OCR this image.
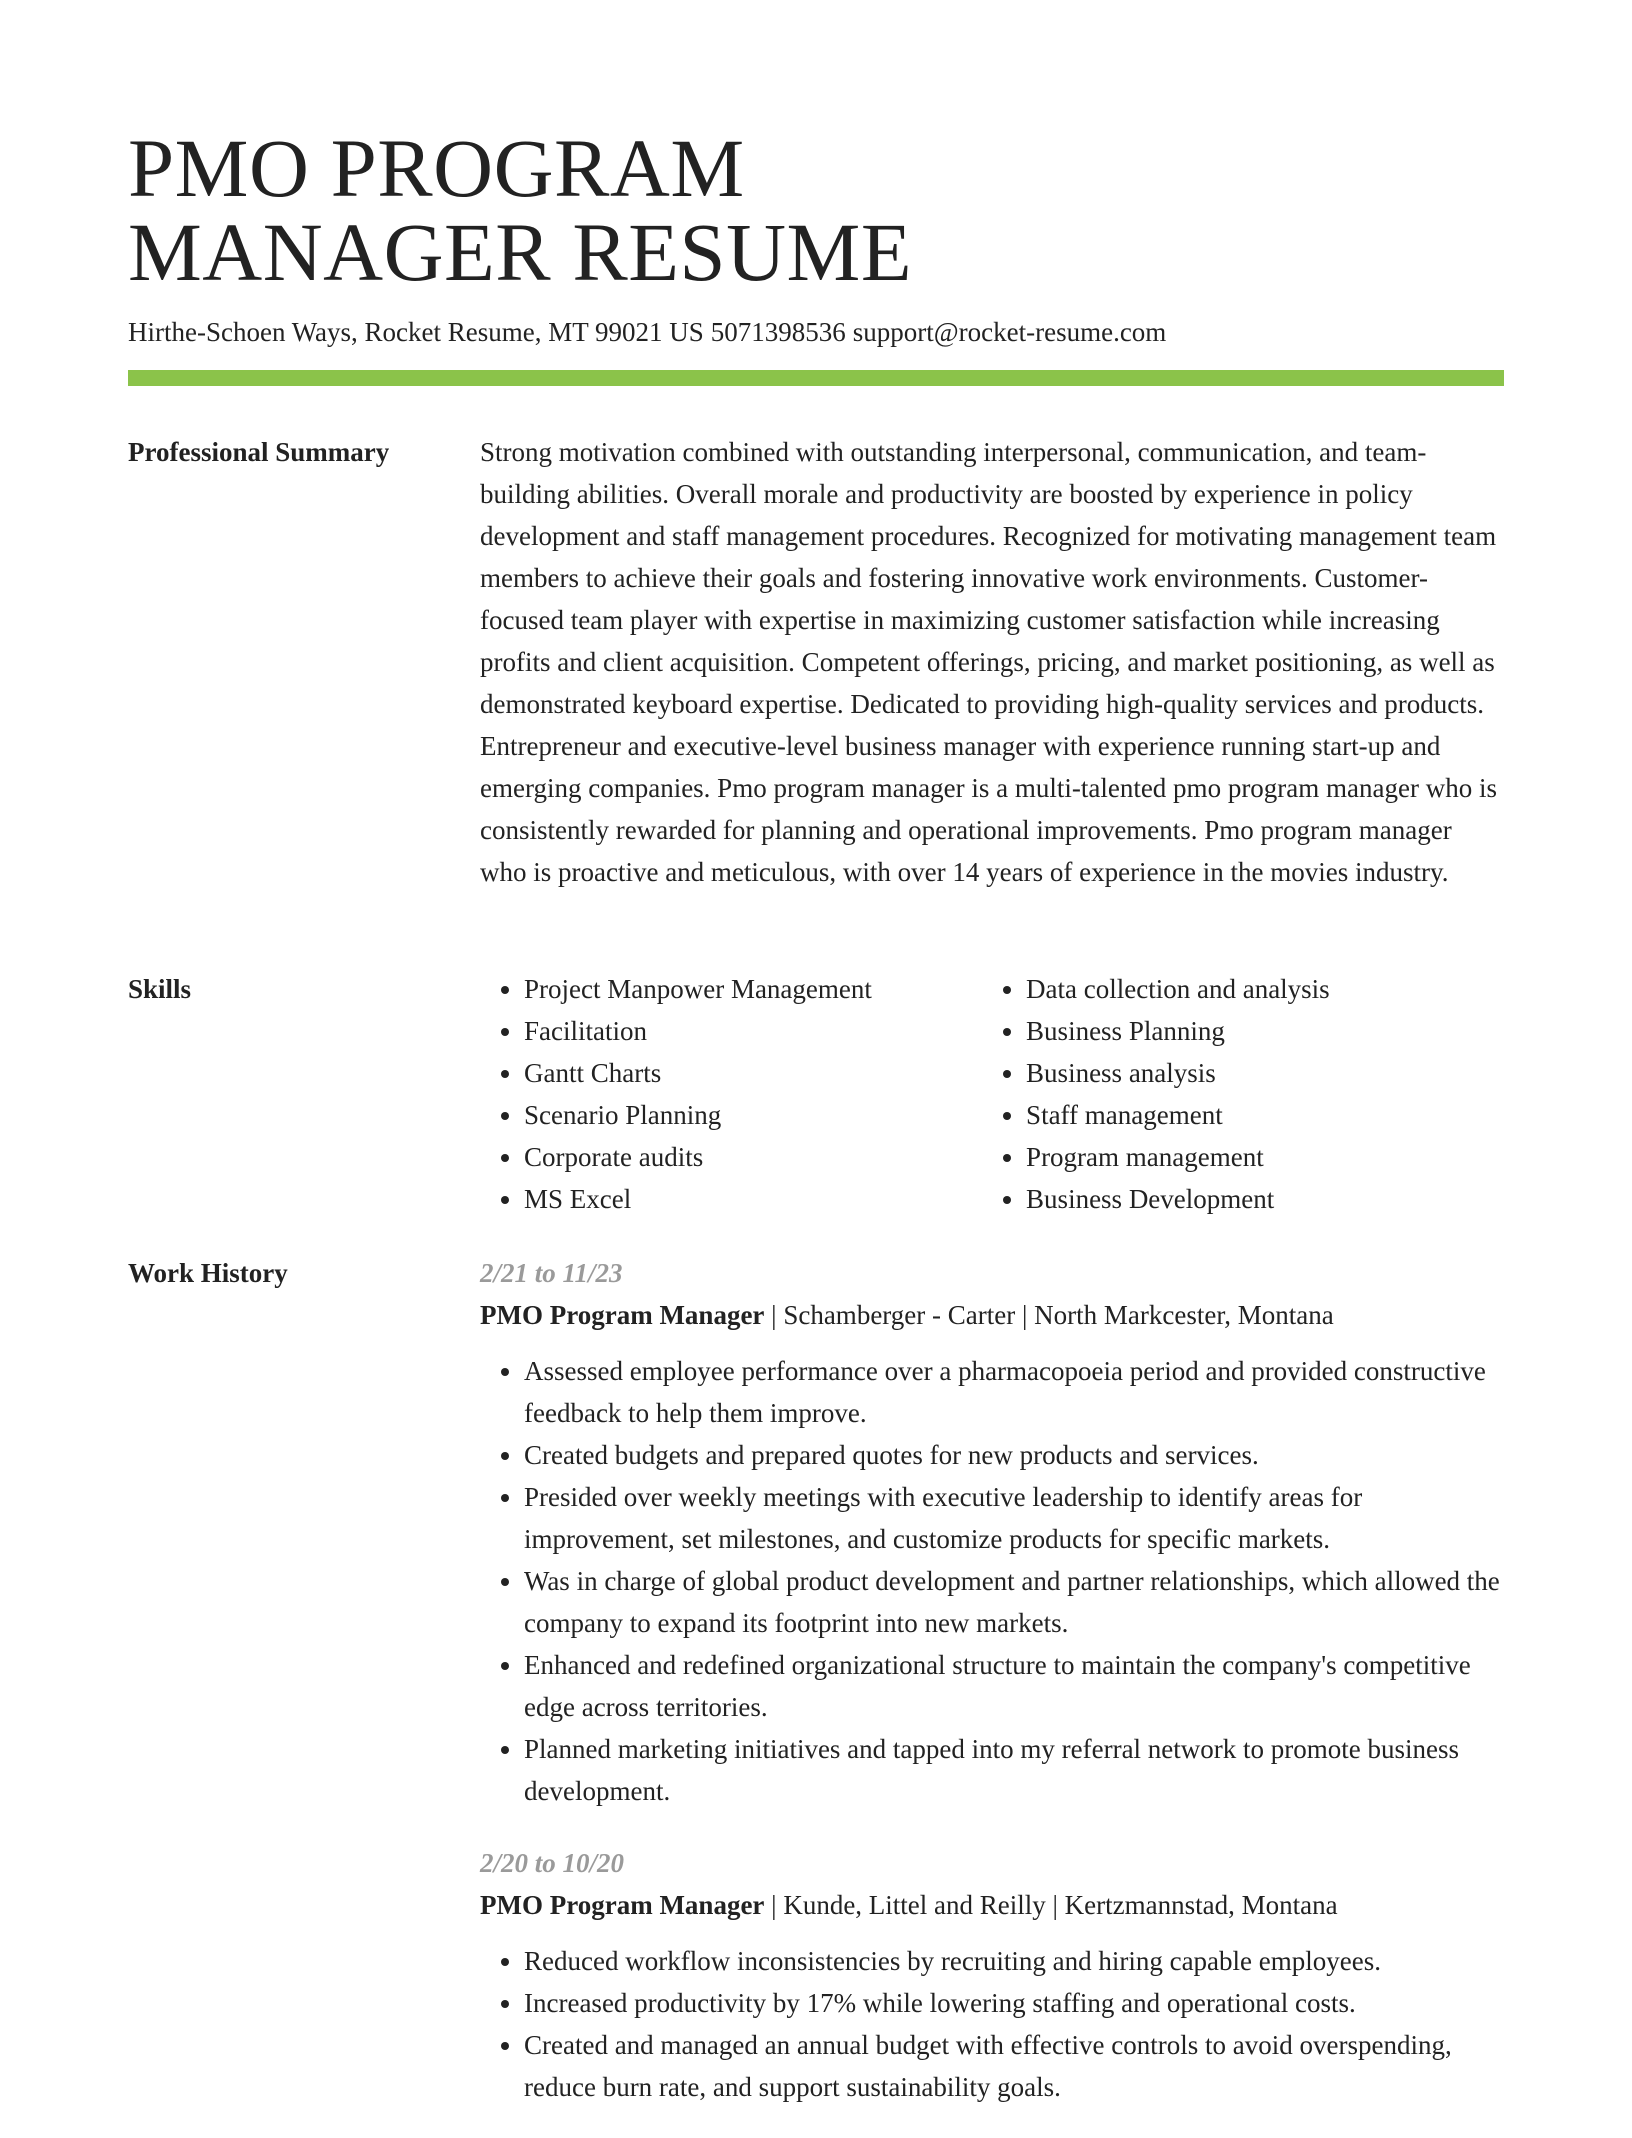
PMO PROGRAM
MANAGER RESUME
Hirthe-Schoen Ways, Rocket Resume, MT 99021 US 5071398536 support@rocket-resume.com
Professional Summary	Strong motivation combined with outstanding interpersonal, communication, and team-building abilities. Overall morale and productivity are boosted by experience in policy development and staff management procedures. Recognized for motivating management team members to achieve their goals and fostering innovative work environments. Customer-focused team player with expertise in maximizing customer satisfaction while increasing profits and client acquisition. Competent offerings, pricing, and market positioning, as well as demonstrated keyboard expertise. Dedicated to providing high-quality services and products. Entrepreneur and executive-level business manager with experience running start-up and emerging companies. Pmo program manager is a multi-talented pmo program manager who is consistently rewarded for planning and operational improvements. Pmo program manager who is proactive and meticulous, with over 14 years of experience in the movies industry.

Skills
•	Project Manpower Management
• Facilitation
• Gantt Charts
• Scenario Planning
• Corporate audits
• MS Excel
• Data collection and analysis
• Business Planning
• Business analysis
• Staff management
• Program management
• Business Development
Work History	2/21 to 11/23
PMO Program Manager | Schamberger - Carter | North Markcester, Montana
• Assessed employee performance over a pharmacopoeia period and provided constructive feedback to help them improve.
• Created budgets and prepared quotes for new products and services.
• Presided over weekly meetings with executive leadership to identify areas for improvement, set milestones, and customize products for specific markets.
• Was in charge of global product development and partner relationships, which allowed the company to expand its footprint into new markets.
• Enhanced and redefined organizational structure to maintain the company's competitive edge across territories.
• Planned marketing initiatives and tapped into my referral network to promote business development.
2/20 to 10/20
PMO Program Manager | Kunde, Littel and Reilly | Kertzmannstad, Montana
• Reduced workflow inconsistencies by recruiting and hiring capable employees.
• Increased productivity by 17% while lowering staffing and operational costs.
• Created and managed an annual budget with effective controls to avoid overspending, reduce burn rate, and support sustainability goals.
